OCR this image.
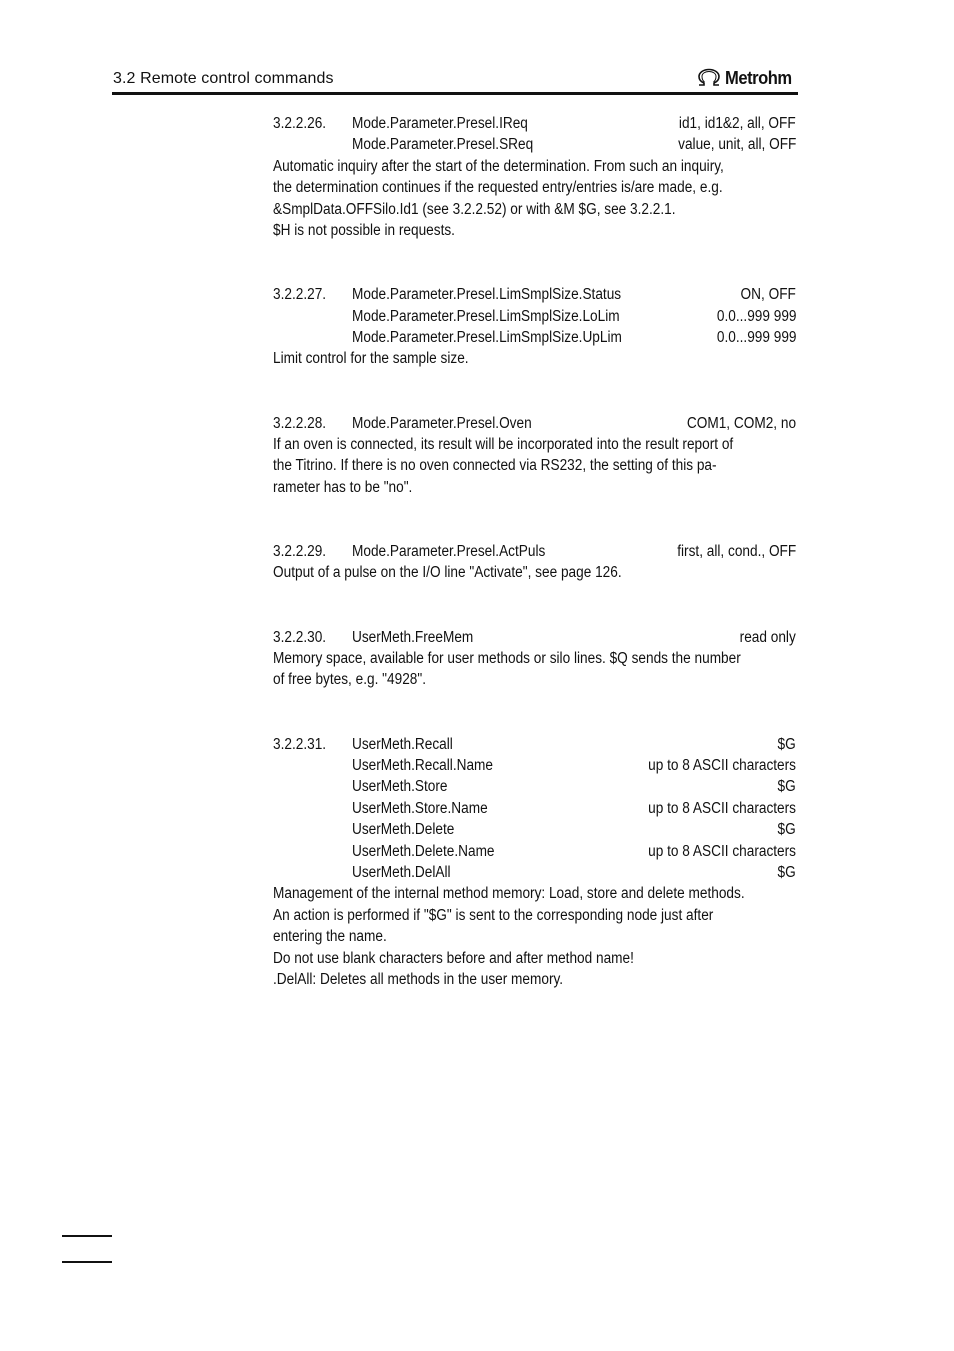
3.2 Remote control commands	Metrohm
3.2.2.26. Mode.Parameter.Presel.IReq	id1, id1&2, all, OFF
Mode.Parameter.Presel.SReq	value, unit, all, OFF
Automatic inquiry after the start of the determination. From such an inquiry,
the determination continues if the requested entry/entries is/are made, e.g.
&SmplData.OFFSilo.Id1 (see 3.2.2.52) or with &M $G, see 3.2.2.1.
$H is not possible in requests.
3.2.2.27. Mode.Parameter.Presel.LimSmplSize.Status	ON, OFF
Mode.Parameter.Presel.LimSmplSize.LoLim	0.0...999 999
Mode.Parameter.Presel.LimSmplSize.UpLim	0.0...999 999
Limit control for the sample size.
3.2.2.28. Mode.Parameter.Presel.Oven	COM1, COM2, no
If an oven is connected, its result will be incorporated into the result report of
the Titrino. If there is no oven connected via RS232, the setting of this pa-
rameter has to be "no".
3.2.2.29. Mode.Parameter.Presel.ActPuls	first, all, cond., OFF
Output of a pulse on the I/O line "Activate", see page 126.
3.2.2.30. UserMeth.FreeMem	read only
Memory space, available for user methods or silo lines. $Q sends the number
of free bytes, e.g. "4928".
3.2.2.31. UserMeth.Recall	$G
UserMeth.Recall.Name	up to 8 ASCII characters
UserMeth.Store	$G
UserMeth.Store.Name	up to 8 ASCII characters
UserMeth.Delete	$G
UserMeth.Delete.Name	up to 8 ASCII characters
UserMeth.DelAll	$G
Management of the internal method memory: Load, store and delete methods.
An action is performed if "$G" is sent to the corresponding node just after
entering the name.
Do not use blank characters before and after method name!
.DelAll: Deletes all methods in the user memory.
